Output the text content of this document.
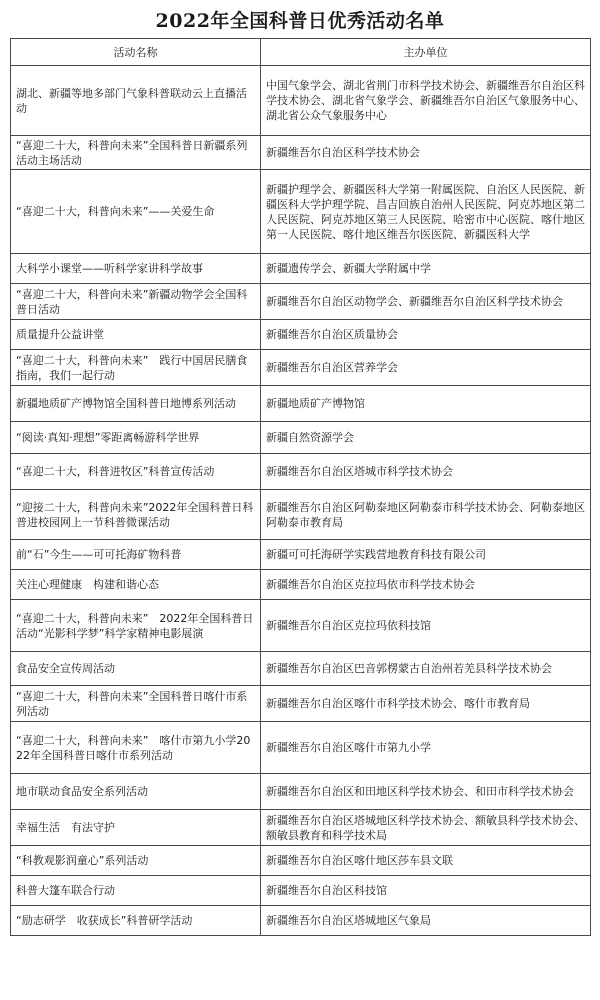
2022年全国科普日优秀活动名单
活动名称	主办单位
湖北、新疆等地多部门气象科普联动云上直播活动	中国气象学会、湖北省荆门市科学技术协会、新疆维吾尔自治区科学技术协会、湖北省气象学会、新疆维吾尔自治区气象服务中心、湖北省公众气象服务中心
“喜迎二十大，科普向未来”全国科普日新疆系列活动主场活动	新疆维吾尔自治区科学技术协会
“喜迎二十大，科普向未来”——关爱生命	新疆护理学会、新疆医科大学第一附属医院、自治区人民医院、新疆医科大学护理学院、昌吉回族自治州人民医院、阿克苏地区第二人民医院、阿克苏地区第三人民医院、哈密市中心医院、喀什地区第一人民医院、喀什地区维吾尔医医院、新疆医科大学
大科学小课堂——听科学家讲科学故事	新疆遗传学会、新疆大学附属中学
“喜迎二十大，科普向未来”新疆动物学会全国科普日活动	新疆维吾尔自治区动物学会、新疆维吾尔自治区科学技术协会
质量提升公益讲堂	新疆维吾尔自治区质量协会
“喜迎二十大，科普向未来”　践行中国居民膳食指南，我们一起行动	新疆维吾尔自治区营养学会
新疆地质矿产博物馆全国科普日地博系列活动	新疆地质矿产博物馆
“阅读·真知·理想”零距离畅游科学世界	新疆自然资源学会
“喜迎二十大，科普进牧区”科普宣传活动	新疆维吾尔自治区塔城市科学技术协会
“迎接二十大，科普向未来”2022年全国科普日科普进校园网上一节科普微课活动	新疆维吾尔自治区阿勒泰地区阿勒泰市科学技术协会、阿勒泰地区阿勒泰市教育局
前“石”今生——可可托海矿物科普	新疆可可托海研学实践营地教育科技有限公司
关注心理健康　构建和谐心态	新疆维吾尔自治区克拉玛依市科学技术协会
“喜迎二十大，科普向未来”　2022年全国科普日活动“光影科学梦”科学家精神电影展演	新疆维吾尔自治区克拉玛依科技馆
食品安全宣传周活动	新疆维吾尔自治区巴音郭楞蒙古自治州若羌县科学技术协会
“喜迎二十大，科普向未来”全国科普日喀什市系列活动	新疆维吾尔自治区喀什市科学技术协会、喀什市教育局
“喜迎二十大，科普向未来”　喀什市第九小学2022年全国科普日喀什市系列活动	新疆维吾尔自治区喀什市第九小学
地市联动食品安全系列活动	新疆维吾尔自治区和田地区科学技术协会、和田市科学技术协会
幸福生活　有法守护	新疆维吾尔自治区塔城地区科学技术协会、额敏县科学技术协会、额敏县教育和科学技术局
“科教观影润童心”系列活动	新疆维吾尔自治区喀什地区莎车县文联
科普大篷车联合行动	新疆维吾尔自治区科技馆
“励志研学　收获成长”科普研学活动	新疆维吾尔自治区塔城地区气象局
